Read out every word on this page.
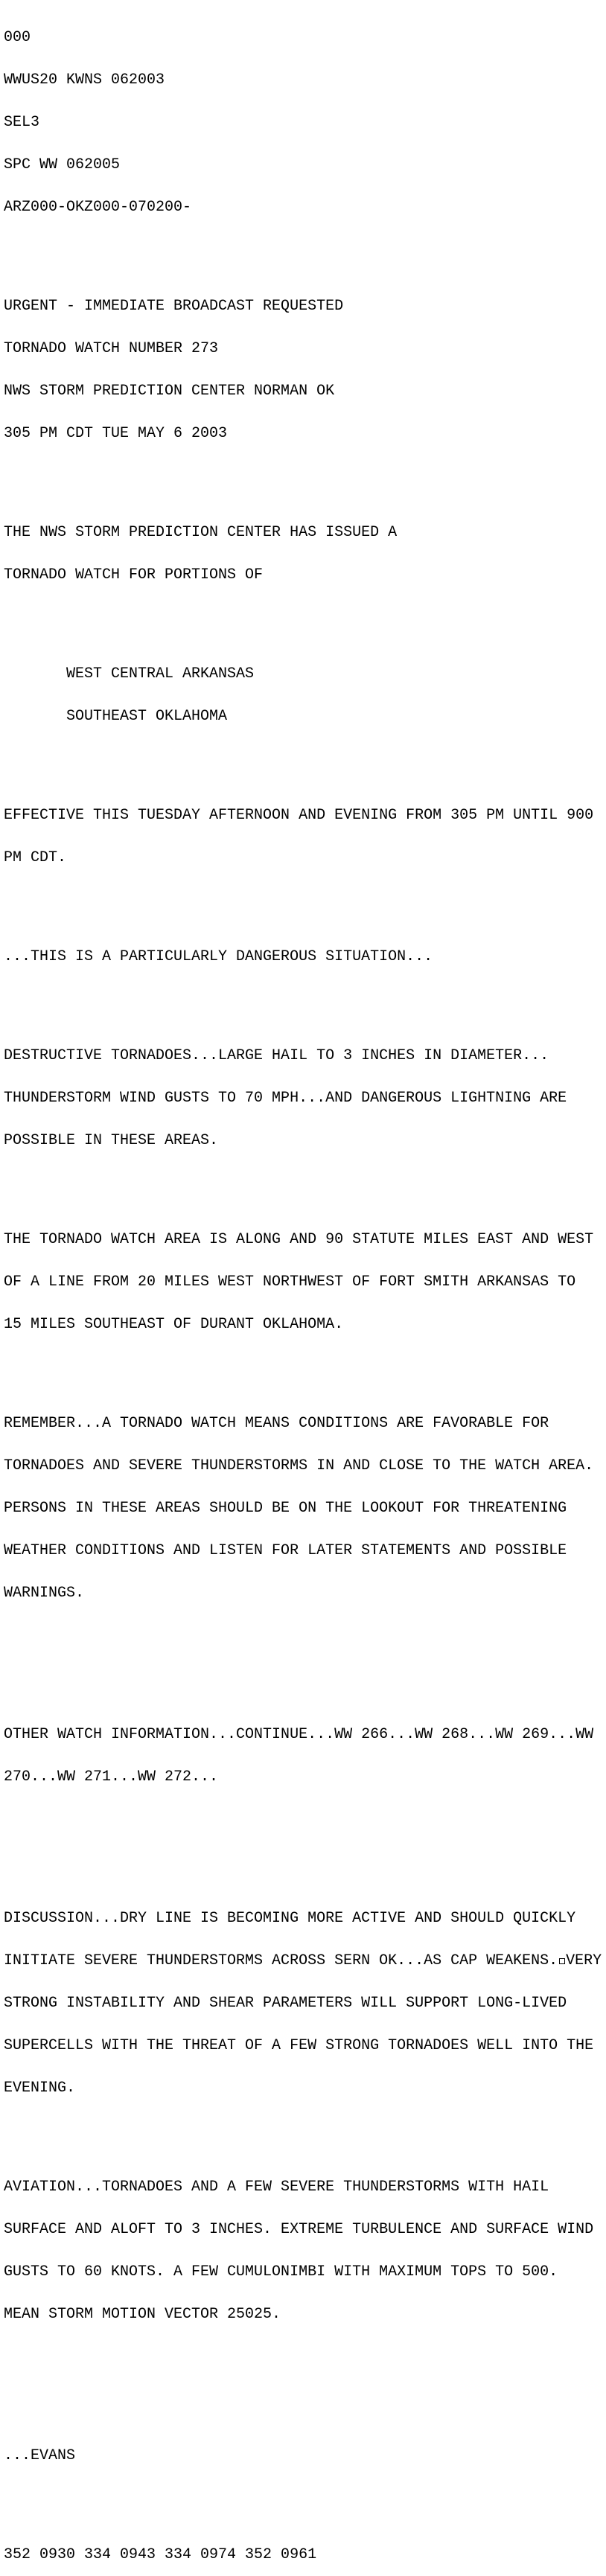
000

WWUS20 KWNS 062003

SEL3

SPC WW 062005

ARZ000-OKZ000-070200-

URGENT - IMMEDIATE BROADCAST REQUESTED

TORNADO WATCH NUMBER 273

NWS STORM PREDICTION CENTER NORMAN OK

305 PM CDT TUE MAY 6 2003

THE NWS STORM PREDICTION CENTER HAS ISSUED A

TORNADO WATCH FOR PORTIONS OF

WEST CENTRAL ARKANSAS

SOUTHEAST OKLAHOMA

EFFECTIVE THIS TUESDAY AFTERNOON AND EVENING FROM 305 PM UNTIL 900

PM CDT.

...THIS IS A PARTICULARLY DANGEROUS SITUATION...

DESTRUCTIVE TORNADOES...LARGE HAIL TO 3 INCHES IN DIAMETER...

THUNDERSTORM WIND GUSTS TO 70 MPH...AND DANGEROUS LIGHTNING ARE

POSSIBLE IN THESE AREAS.

THE TORNADO WATCH AREA IS ALONG AND 90 STATUTE MILES EAST AND WEST

OF A LINE FROM 20 MILES WEST NORTHWEST OF FORT SMITH ARKANSAS TO

15 MILES SOUTHEAST OF DURANT OKLAHOMA.

REMEMBER...A TORNADO WATCH MEANS CONDITIONS ARE FAVORABLE FOR

TORNADOES AND SEVERE THUNDERSTORMS IN AND CLOSE TO THE WATCH AREA.

PERSONS IN THESE AREAS SHOULD BE ON THE LOOKOUT FOR THREATENING

WEATHER CONDITIONS AND LISTEN FOR LATER STATEMENTS AND POSSIBLE

WARNINGS.

OTHER WATCH INFORMATION...CONTINUE...WW 266...WW 268...WW 269...WW

270...WW 271...WW 272...

DISCUSSION...DRY LINE IS BECOMING MORE ACTIVE AND SHOULD QUICKLY

INITIATE SEVERE THUNDERSTORMS ACROSS SERN OK...AS CAP WEAKENS. VERY

STRONG INSTABILITY AND SHEAR PARAMETERS WILL SUPPORT LONG-LIVED

SUPERCELLS WITH THE THREAT OF A FEW STRONG TORNADOES WELL INTO THE

EVENING.

AVIATION...TORNADOES AND A FEW SEVERE THUNDERSTORMS WITH HAIL

SURFACE AND ALOFT TO 3 INCHES. EXTREME TURBULENCE AND SURFACE WIND

GUSTS TO 60 KNOTS. A FEW CUMULONIMBI WITH MAXIMUM TOPS TO 500.

MEAN STORM MOTION VECTOR 25025.

...EVANS

352 0930 334 0943 334 0974 352 0961
